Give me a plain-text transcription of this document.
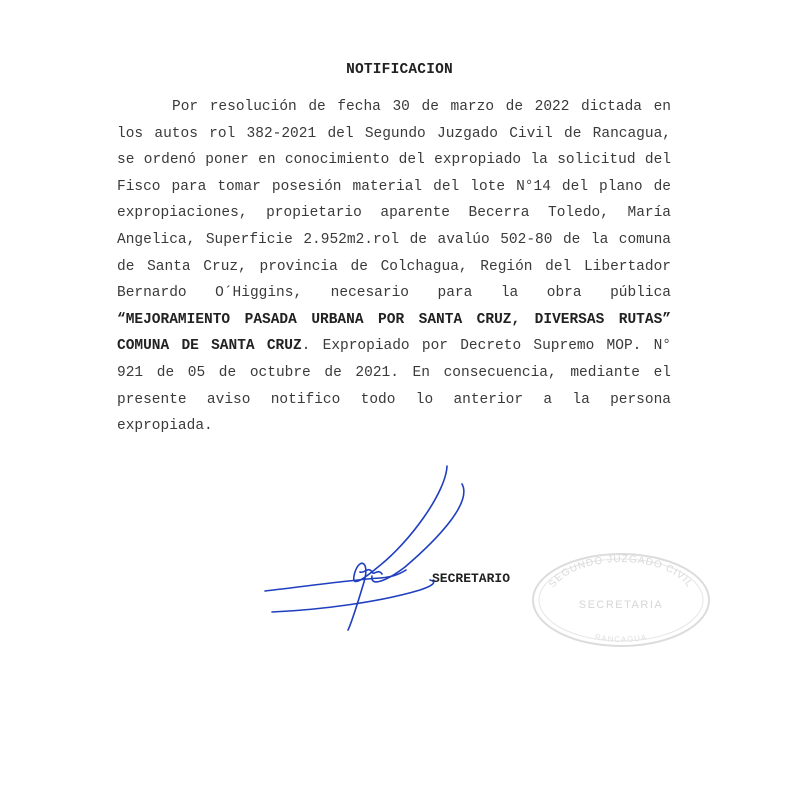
NOTIFICACION

Por resolución de fecha 30 de marzo de 2022 dictada en los autos rol 382-2021 del Segundo Juzgado Civil de Rancagua, se ordenó poner en conocimiento del expropiado la solicitud del Fisco para tomar posesión material del lote N°14 del plano de expropiaciones, propietario aparente Becerra Toledo, María Angelica, Superficie 2.952m2.rol de avalúo 502-80 de la comuna de Santa Cruz, provincia de Colchagua, Región del Libertador Bernardo O´Higgins, necesario para la obra pública “MEJORAMIENTO PASADA URBANA POR SANTA CRUZ, DIVERSAS RUTAS” COMUNA DE SANTA CRUZ. Expropiado por Decreto Supremo MOP. N° 921 de 05 de octubre de 2021. En consecuencia, mediante el presente aviso notifico todo lo anterior a la persona expropiada.

SECRETARIO	SEGUNDO JUZGADO CIVIL
SECRETARIA
RANCAGUA
